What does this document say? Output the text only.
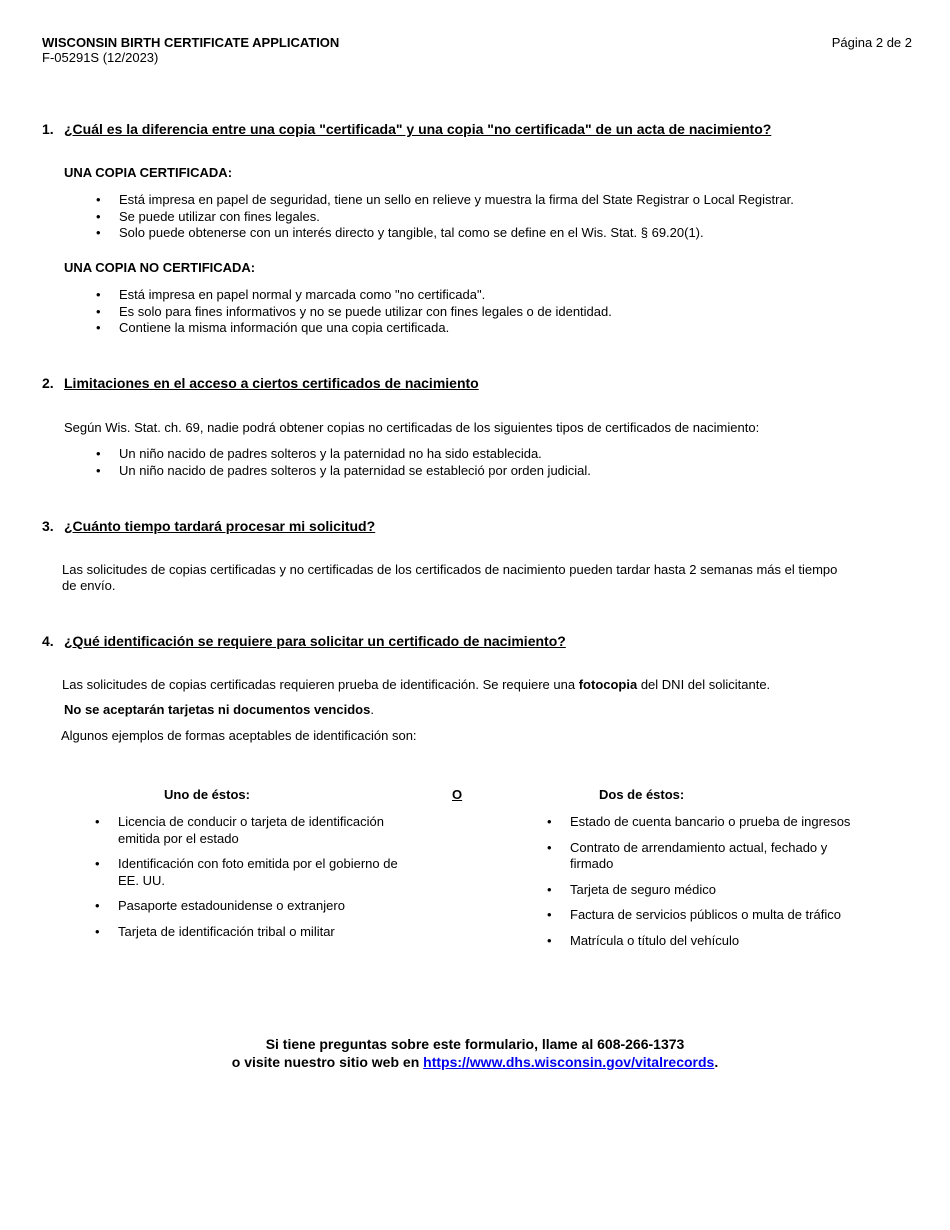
WISCONSIN BIRTH CERTIFICATE APPLICATION
F-05291S (12/2023)
Página 2 de 2
1. ¿Cuál es la diferencia entre una copia "certificada" y una copia "no certificada" de un acta de nacimiento?
UNA COPIA CERTIFICADA:
• Está impresa en papel de seguridad, tiene un sello en relieve y muestra la firma del State Registrar o Local Registrar.
• Se puede utilizar con fines legales.
• Solo puede obtenerse con un interés directo y tangible, tal como se define en el Wis. Stat. § 69.20(1).
UNA COPIA NO CERTIFICADA:
• Está impresa en papel normal y marcada como "no certificada".
• Es solo para fines informativos y no se puede utilizar con fines legales o de identidad.
• Contiene la misma información que una copia certificada.
2. Limitaciones en el acceso a ciertos certificados de nacimiento
Según Wis. Stat. ch. 69, nadie podrá obtener copias no certificadas de los siguientes tipos de certificados de nacimiento:
• Un niño nacido de padres solteros y la paternidad no ha sido establecida.
• Un niño nacido de padres solteros y la paternidad se estableció por orden judicial.
3. ¿Cuánto tiempo tardará procesar mi solicitud?
Las solicitudes de copias certificadas y no certificadas de los certificados de nacimiento pueden tardar hasta 2 semanas más el tiempo
de envío.
4. ¿Qué identificación se requiere para solicitar un certificado de nacimiento?
Las solicitudes de copias certificadas requieren prueba de identificación. Se requiere una fotocopia del DNI del solicitante.
No se aceptarán tarjetas ni documentos vencidos.
Algunos ejemplos de formas aceptables de identificación son:
Uno de éstos:	O	Dos de éstos:
• Licencia de conducir o tarjeta de identificación emitida por el estado
• Identificación con foto emitida por el gobierno de EE. UU.
• Pasaporte estadounidense o extranjero
• Tarjeta de identificación tribal o militar
• Estado de cuenta bancario o prueba de ingresos
• Contrato de arrendamiento actual, fechado y firmado
• Tarjeta de seguro médico
• Factura de servicios públicos o multa de tráfico
• Matrícula o título del vehículo
Si tiene preguntas sobre este formulario, llame al 608-266-1373
o visite nuestro sitio web en https://www.dhs.wisconsin.gov/vitalrecords.
